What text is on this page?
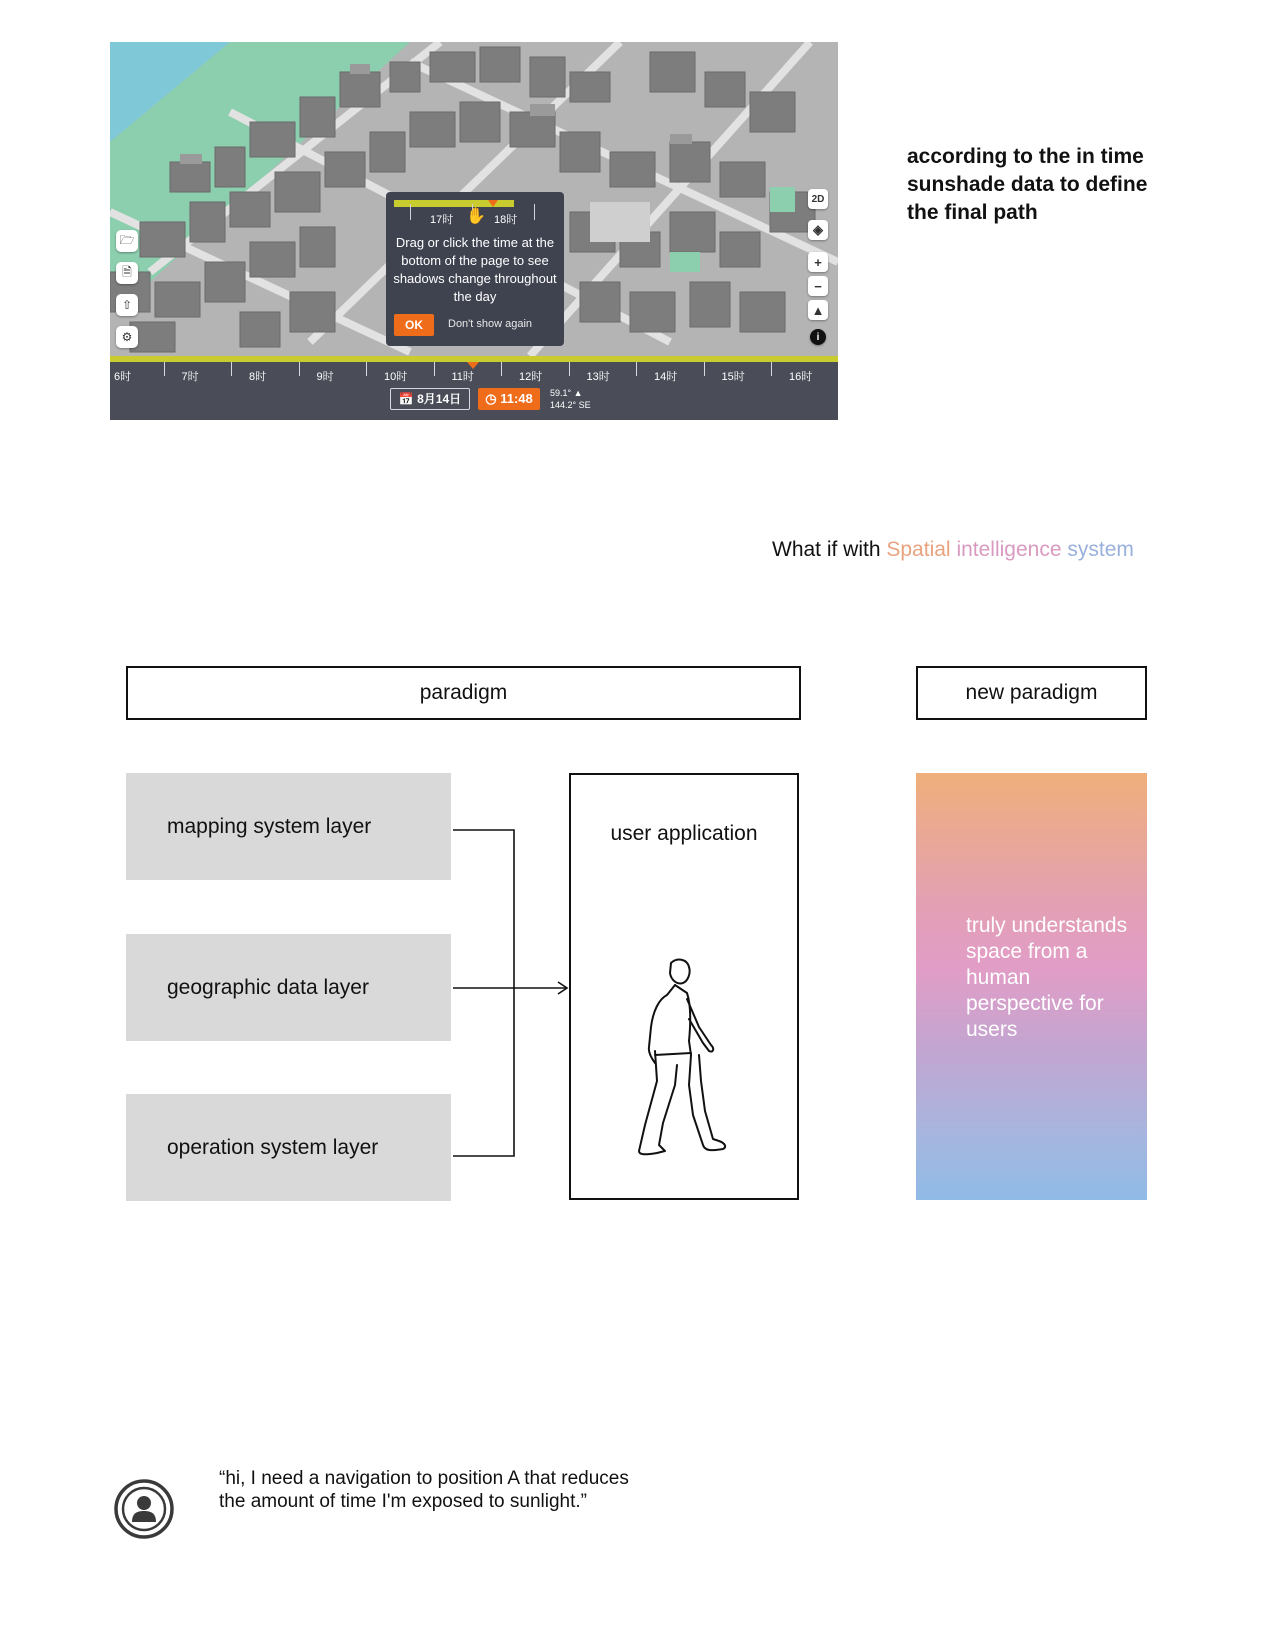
🗁
🗎
⇧
⚙
2D
◈
+
−
▲
i
17时 ✋ 18时
Drag or click the time at the bottom of the page to see shadows change throughout the day
OK	Don't show again
6时	7时	8时	9时	10时	11时	12时	13时	14时	15时	16时
📅 8月14日	◷ 11:48	59.1° ▲
144.2° SE
according to the in time sunshade data to define the final path
What if with Spatial intelligence system
paradigm	new paradigm
mapping system layer
geographic data layer
operation system layer
user application
truly understands space from a human perspective for users
“hi, I need a navigation to position A that reduces the amount of time I'm exposed to sunlight.”
